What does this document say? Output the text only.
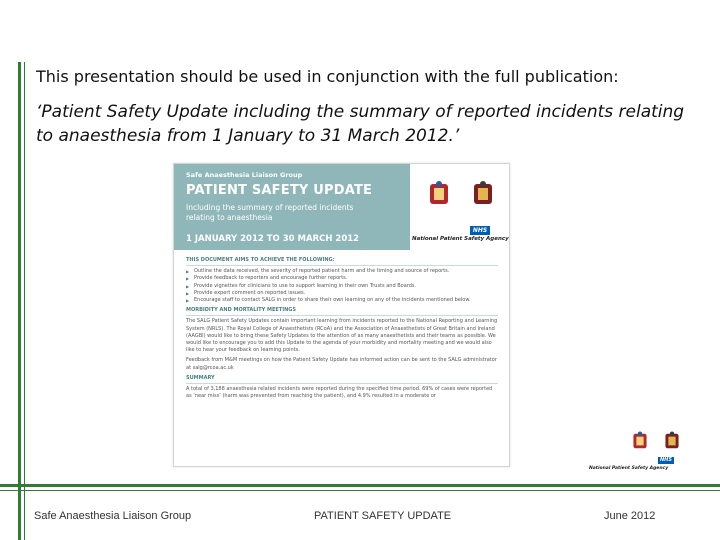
This presentation should be used in conjunction with the full publication:
‘Patient Safety Update including the summary of reported incidents relating to anaesthesia from 1 January to 31 March 2012.’
Safe Anaesthesia Liaison Group
PATIENT SAFETY UPDATE
Including the summary of reported incidents relating to anaesthesia
1 JANUARY 2012 TO 30 MARCH 2012
NHS
National Patient Safety Agency
THIS DOCUMENT AIMS TO ACHIEVE THE FOLLOWING:
▶ Outline the data received, the severity of reported patient harm and the timing and source of reports.
▶ Provide feedback to reporters and encourage further reports.
▶ Provide vignettes for clinicians to use to support learning in their own Trusts and Boards.
▶ Provide expert comment on reported issues.
▶ Encourage staff to contact SALG in order to share their own learning on any of the incidents mentioned below.
MORBIDITY AND MORTALITY MEETINGS

The SALG Patient Safety Updates contain important learning from incidents reported to the National Reporting and Learning System (NRLS). The Royal College of Anaesthetists (RCoA) and the Association of Anaesthetists of Great Britain and Ireland (AAGBI) would like to bring these Safety Updates to the attention of as many anaesthetists and their teams as possible. We would like to encourage you to add this Update to the agenda of your morbidity and mortality meeting and we would also like to hear your feedback on learning points.

Feedback from M&M meetings on how the Patient Safety Update has informed action can be sent to the SALG administrator at salg@rcoa.ac.uk

SUMMARY

A total of 3,188 anaesthesia related incidents were reported during the specified time period. 69% of cases were reported as ‘near miss’ (harm was prevented from reaching the patient), and 4.9% resulted in a moderate or

NHS
National Patient Safety Agency
Safe Anaesthesia Liaison Group	PATIENT SAFETY UPDATE	June 2012
